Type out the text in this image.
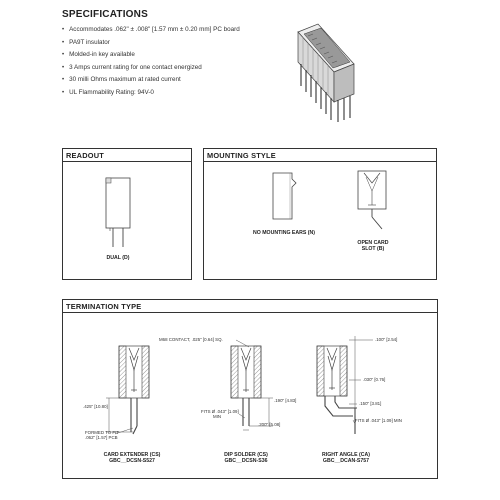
SPECIFICATIONS
• Accommodates .062" ± .008" [1.57 mm ± 0.20 mm] PC board
• PA9T insulator
• Molded-in key available
• 3 Amps current rating for one contact energized
• 30 milli Ohms maximum at rated current
• UL Flammability Rating: 94V-0
READOUT
DUAL (D)
MOUNTING STYLE
NO MOUNTING EARS (N)
OPEN CARD
SLOT (B)
TERMINATION TYPE
M68 CONTACT, .025" [0.64] SQ.
.425" [10.80]
FORMED TO FIT
.062" [1.57] PCB
CARD EXTENDER (CS)
GBC__DCSN-S527
.190" [4.83]
FITS Ø .043" [1.09]
MIN
.200" [5.08]
DIP SOLDER (CS)
GBC__DCSN-S36
.100" [2.54]
.030" [0.76]
.150" [3.81]
FITS Ø .043" [1.09] MIN
RIGHT ANGLE (CA)
GBC__DCAN-S757
